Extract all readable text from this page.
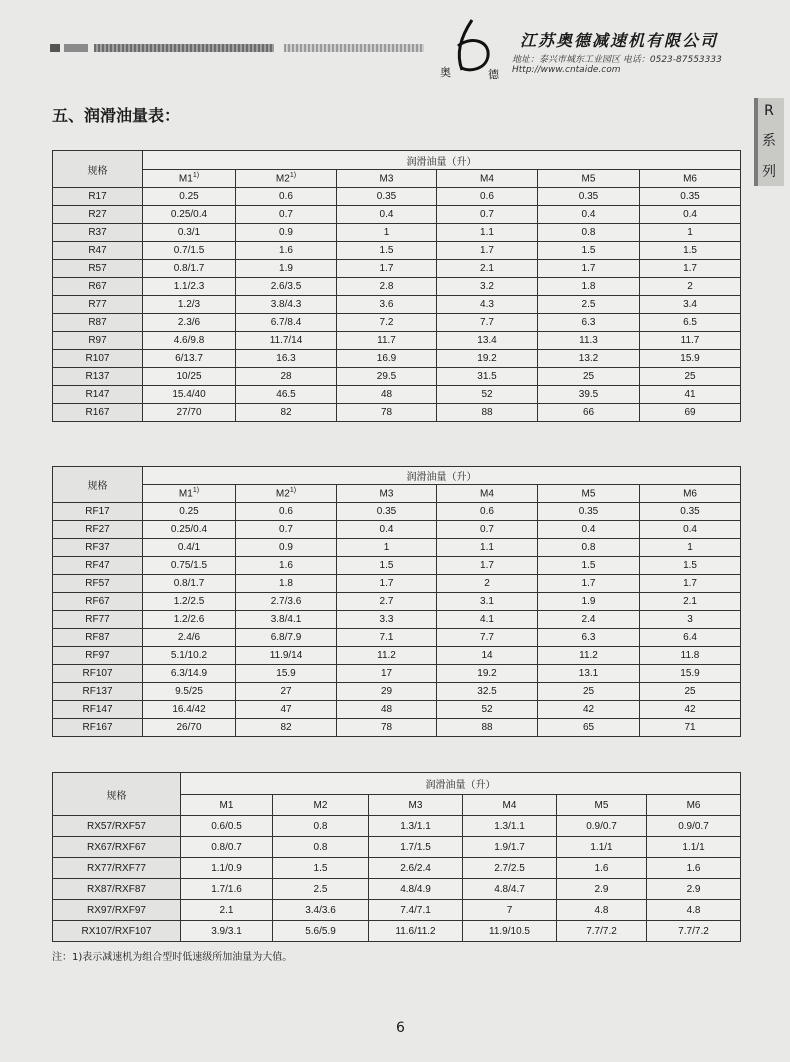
奥	德
江苏奥德减速机有限公司
地址：泰兴市城东工业园区 电话：0523-87553333
Http://www.cntaide.com
R
系
列
五、润滑油量表：
规格	润滑油量（升）					
	M1$^{1)}$	M2$^{1)}$	M3	M4	M5	M6
R17	0.25	0.6	0.35	0.6	0.35	0.35
R27	0.25/0.4	0.7	0.4	0.7	0.4	0.4
R37	0.3/1	0.9	1	1.1	0.8	1
R47	0.7/1.5	1.6	1.5	1.7	1.5	1.5
R57	0.8/1.7	1.9	1.7	2.1	1.7	1.7
R67	1.1/2.3	2.6/3.5	2.8	3.2	1.8	2
R77	1.2/3	3.8/4.3	3.6	4.3	2.5	3.4
R87	2.3/6	6.7/8.4	7.2	7.7	6.3	6.5
R97	4.6/9.8	11.7/14	11.7	13.4	11.3	11.7
R107	6/13.7	16.3	16.9	19.2	13.2	15.9
R137	10/25	28	29.5	31.5	25	25
R147	15.4/40	46.5	48	52	39.5	41
R167	27/70	82	78	88	66	69
规格	润滑油量（升）					
	M1$^{1)}$	M2$^{1)}$	M3	M4	M5	M6
RF17	0.25	0.6	0.35	0.6	0.35	0.35
RF27	0.25/0.4	0.7	0.4	0.7	0.4	0.4
RF37	0.4/1	0.9	1	1.1	0.8	1
RF47	0.75/1.5	1.6	1.5	1.7	1.5	1.5
RF57	0.8/1.7	1.8	1.7	2	1.7	1.7
RF67	1.2/2.5	2.7/3.6	2.7	3.1	1.9	2.1
RF77	1.2/2.6	3.8/4.1	3.3	4.1	2.4	3
RF87	2.4/6	6.8/7.9	7.1	7.7	6.3	6.4
RF97	5.1/10.2	11.9/14	11.2	14	11.2	11.8
RF107	6.3/14.9	15.9	17	19.2	13.1	15.9
RF137	9.5/25	27	29	32.5	25	25
RF147	16.4/42	47	48	52	42	42
RF167	26/70	82	78	88	65	71
规格	润滑油量（升）					
	M1	M2	M3	M4	M5	M6
RX57/RXF57	0.6/0.5	0.8	1.3/1.1	1.3/1.1	0.9/0.7	0.9/0.7
RX67/RXF67	0.8/0.7	0.8	1.7/1.5	1.9/1.7	1.1/1	1.1/1
RX77/RXF77	1.1/0.9	1.5	2.6/2.4	2.7/2.5	1.6	1.6
RX87/RXF87	1.7/1.6	2.5	4.8/4.9	4.8/4.7	2.9	2.9
RX97/RXF97	2.1	3.4/3.6	7.4/7.1	7	4.8	4.8
RX107/RXF107	3.9/3.1	5.6/5.9	11.6/11.2	11.9/10.5	7.7/7.2	7.7/7.2
注：1)表示减速机为组合型时低速级所加油量为大值。
6
